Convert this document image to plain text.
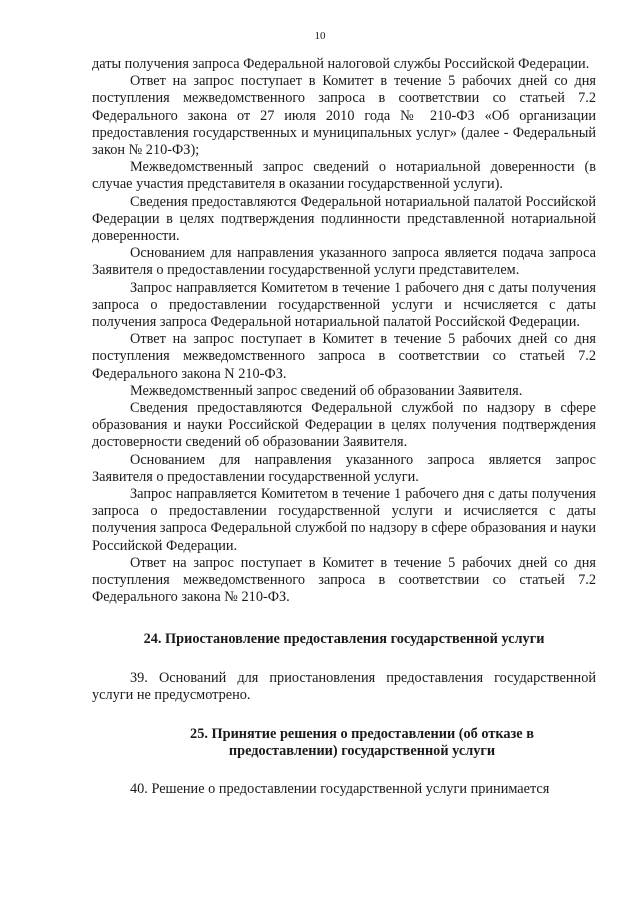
10

даты получения запроса Федеральной налоговой службы Российской Федерации.

Ответ на запрос поступает в Комитет в течение 5 рабочих дней со дня поступления межведомственного запроса в соответствии со статьей 7.2 Федерального закона от 27 июля 2010 года № 210-ФЗ «Об организации предоставления государственных и муниципальных услуг» (далее - Федеральный закон № 210-ФЗ);

Межведомственный запрос сведений о нотариальной доверенности (в случае участия представителя в оказании государственной услуги).

Сведения предоставляются Федеральной нотариальной палатой Российской Федерации в целях подтверждения подлинности представленной нотариальной доверенности.

Основанием для направления указанного запроса является подача запроса Заявителя о предоставлении государственной услуги представителем.

Запрос направляется Комитетом в течение 1 рабочего дня с даты получения запроса о предоставлении государственной услуги и нсчисляется с даты получения запроса Федеральной нотариальной палатой Российской Федерации.

Ответ на запрос поступает в Комитет в течение 5 рабочих дней со дня поступления межведомственного запроса в соответствии со статьей 7.2 Федерального закона N 210-ФЗ.

Межведомственный запрос сведений об образовании Заявителя.

Сведения предоставляются Федеральной службой по надзору в сфере образования и науки Российской Федерации в целях получения подтверждения достоверности сведений об образовании Заявителя.

Основанием для направления указанного запроса является запрос Заявителя о предоставлении государственной услуги.

Запрос направляется Комитетом в течение 1 рабочего дня с даты получения запроса о предоставлении государственной услуги и исчисляется с даты получения запроса Федеральной службой по надзору в сфере образования и науки Российской Федерации.

Ответ на запрос поступает в Комитет в течение 5 рабочих дней со дня поступления межведомственного запроса в соответствии со статьей 7.2 Федерального закона № 210-ФЗ.

24. Приостановление предоставления государственной услуги

39. Оснований для приостановления предоставления государственной услуги не предусмотрено.

25. Принятие решения о предоставлении (об отказе в
предоставлении) государственной услуги

40. Решение о предоставлении государственной услуги принимается
